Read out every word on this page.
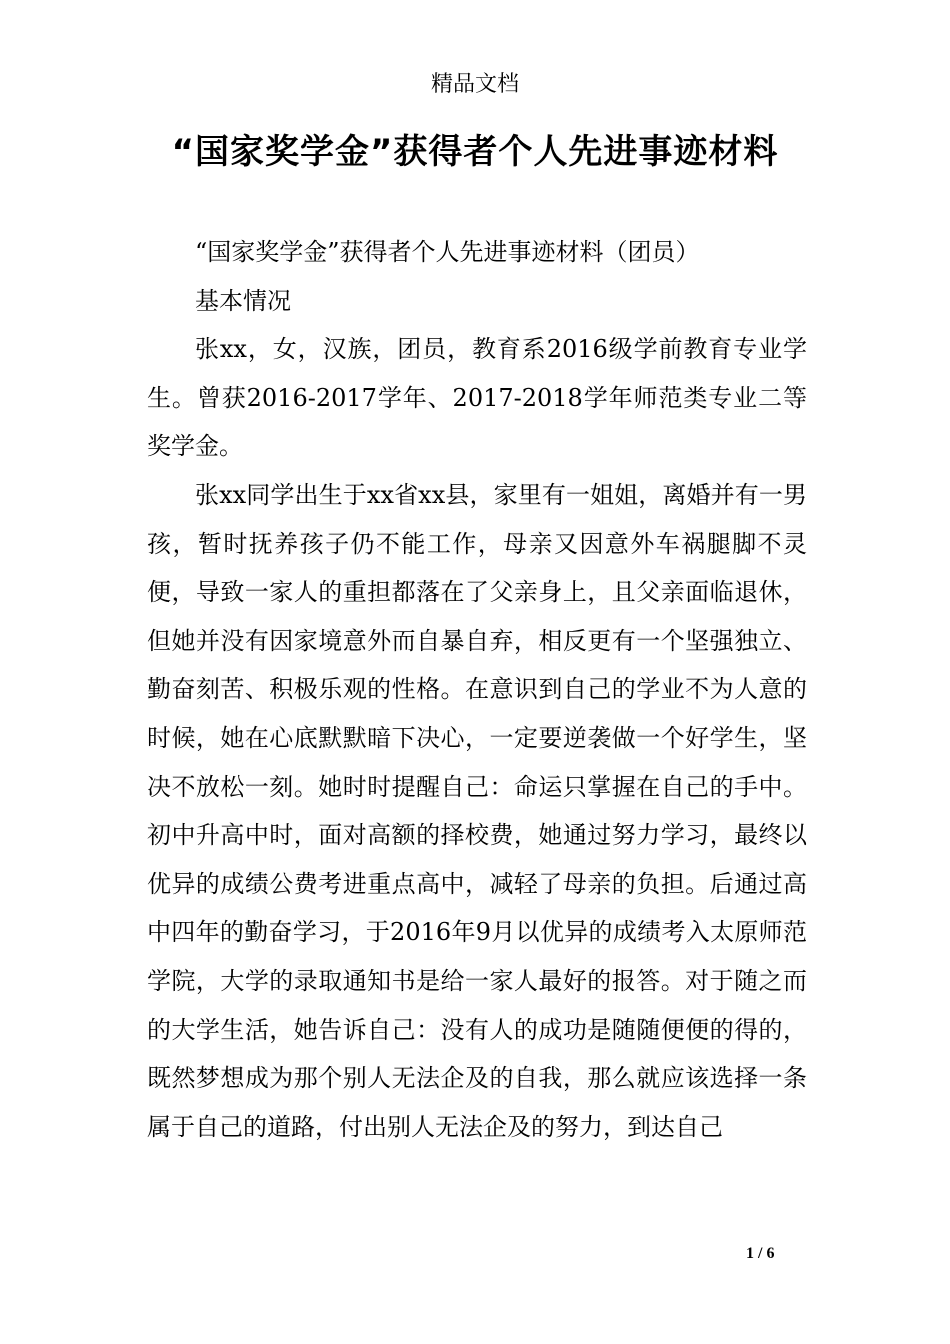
精品文档
“国家奖学金”获得者个人先进事迹材料

“国家奖学金”获得者个人先进事迹材料（团员）

基本情况

张xx，女，汉族，团员，教育系2016级学前教育专业学生。曾获2016-2017学年、2017-2018学年师范类专业二等奖学金。

张xx同学出生于xx省xx县，家里有一姐姐，离婚并有一男孩，暂时抚养孩子仍不能工作，母亲又因意外车祸腿脚不灵便，导致一家人的重担都落在了父亲身上，且父亲面临退休，但她并没有因家境意外而自暴自弃，相反更有一个坚强独立、勤奋刻苦、积极乐观的性格。在意识到自己的学业不为人意的时候，她在心底默默暗下决心，一定要逆袭做一个好学生，坚决不放松一刻。她时时提醒自己：命运只掌握在自己的手中。初中升高中时，面对高额的择校费，她通过努力学习，最终以优异的成绩公费考进重点高中，减轻了母亲的负担。后通过高中四年的勤奋学习，于2016年9月以优异的成绩考入太原师范学院，大学的录取通知书是给一家人最好的报答。对于随之而的大学生活，她告诉自己：没有人的成功是随随便便的得的，既然梦想成为那个别人无法企及的自我，那么就应该选择一条属于自己的道路，付出别人无法企及的努力，到达自己

1 / 6
